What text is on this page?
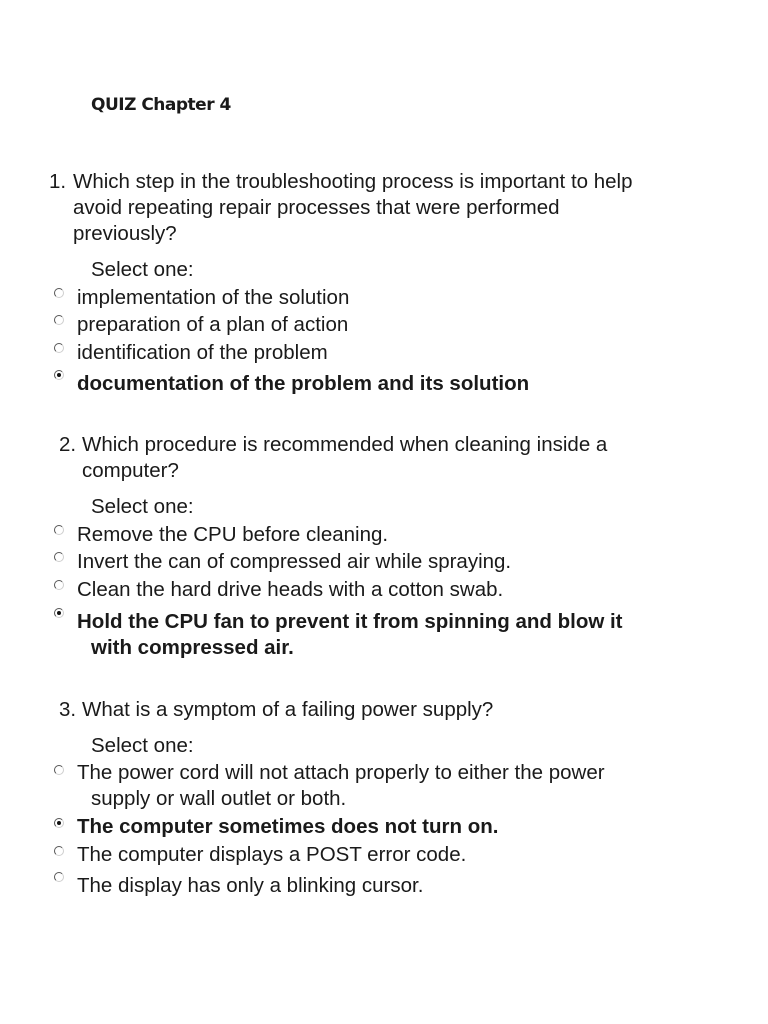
QUIZ Chapter 4
1. Which step in the troubleshooting process is important to help
avoid repeating repair processes that were performed
previously?
Select one:
implementation of the solution
preparation of a plan of action
identification of the problem
documentation of the problem and its solution
2. Which procedure is recommended when cleaning inside a
computer?
Select one:
Remove the CPU before cleaning.
Invert the can of compressed air while spraying.
Clean the hard drive heads with a cotton swab.
Hold the CPU fan to prevent it from spinning and blow it
with compressed air.
3. What is a symptom of a failing power supply?
Select one:
The power cord will not attach properly to either the power
supply or wall outlet or both.
The computer sometimes does not turn on.
The computer displays a POST error code.
The display has only a blinking cursor.
